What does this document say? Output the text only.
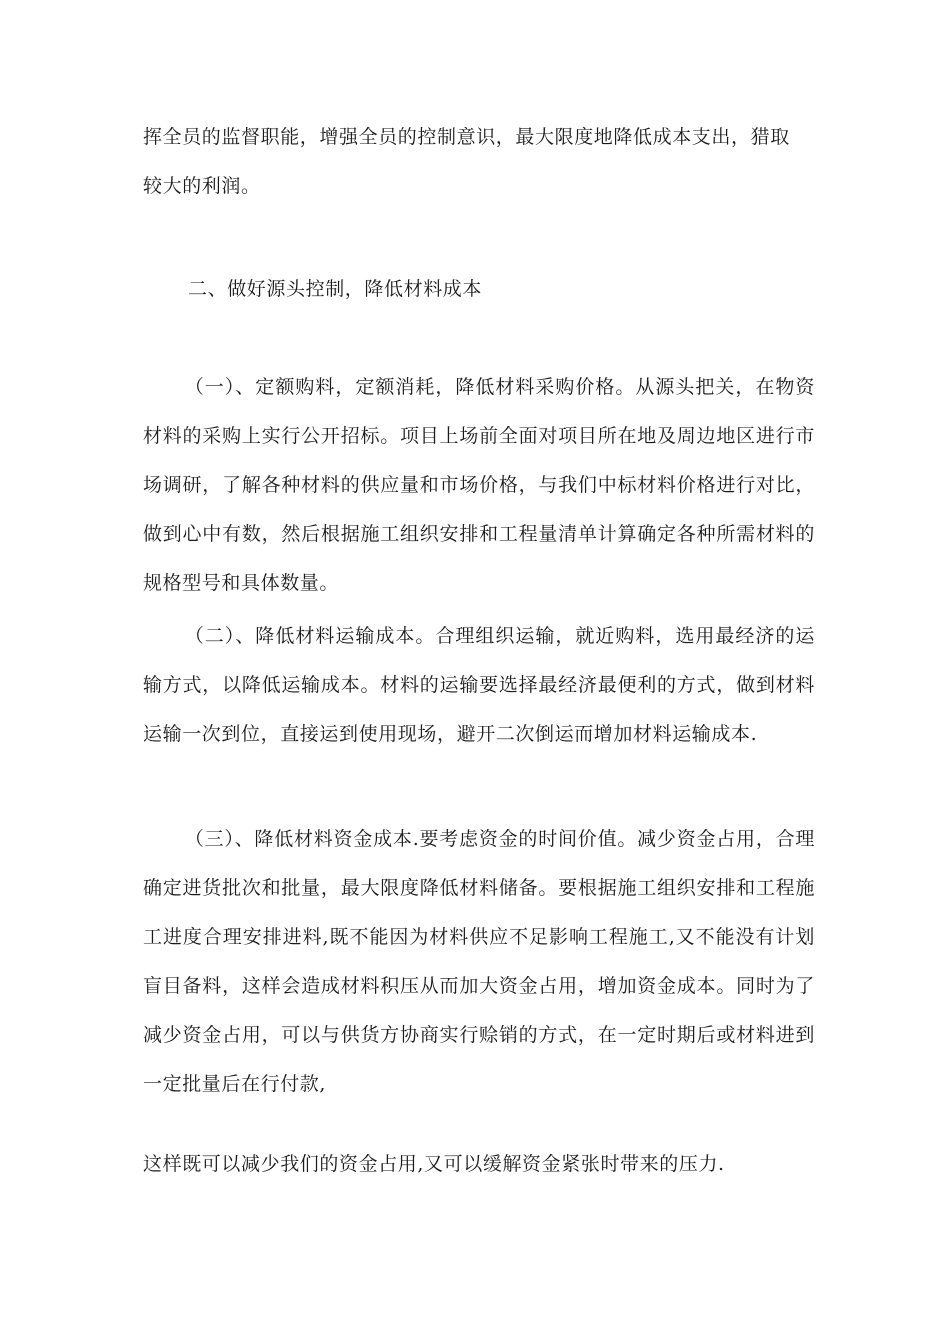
挥全员的监督职能，增强全员的控制意识，最大限度地降低成本支出，猎取
较大的利润。

二、做好源头控制，降低材料成本

（一）、定额购料，定额消耗，降低材料采购价格。从源头把关，在物资材料的采购上实行公开招标。项目上场前全面对项目所在地及周边地区进行市场调研，了解各种材料的供应量和市场价格，与我们中标材料价格进行对比，做到心中有数，然后根据施工组织安排和工程量清单计算确定各种所需材料的规格型号和具体数量。

（二）、降低材料运输成本。合理组织运输，就近购料，选用最经济的运输方式，以降低运输成本。材料的运输要选择最经济最便利的方式，做到材料运输一次到位，直接运到使用现场，避开二次倒运而增加材料运输成本.

（三）、降低材料资金成本.要考虑资金的时间价值。减少资金占用，合理确定进货批次和批量，最大限度降低材料储备。要根据施工组织安排和工程施工进度合理安排进料,既不能因为材料供应不足影响工程施工,又不能没有计划盲目备料，这样会造成材料积压从而加大资金占用，增加资金成本。同时为了减少资金占用，可以与供货方协商实行赊销的方式，在一定时期后或材料进到一定批量后在行付款,

这样既可以减少我们的资金占用,又可以缓解资金紧张时带来的压力.
